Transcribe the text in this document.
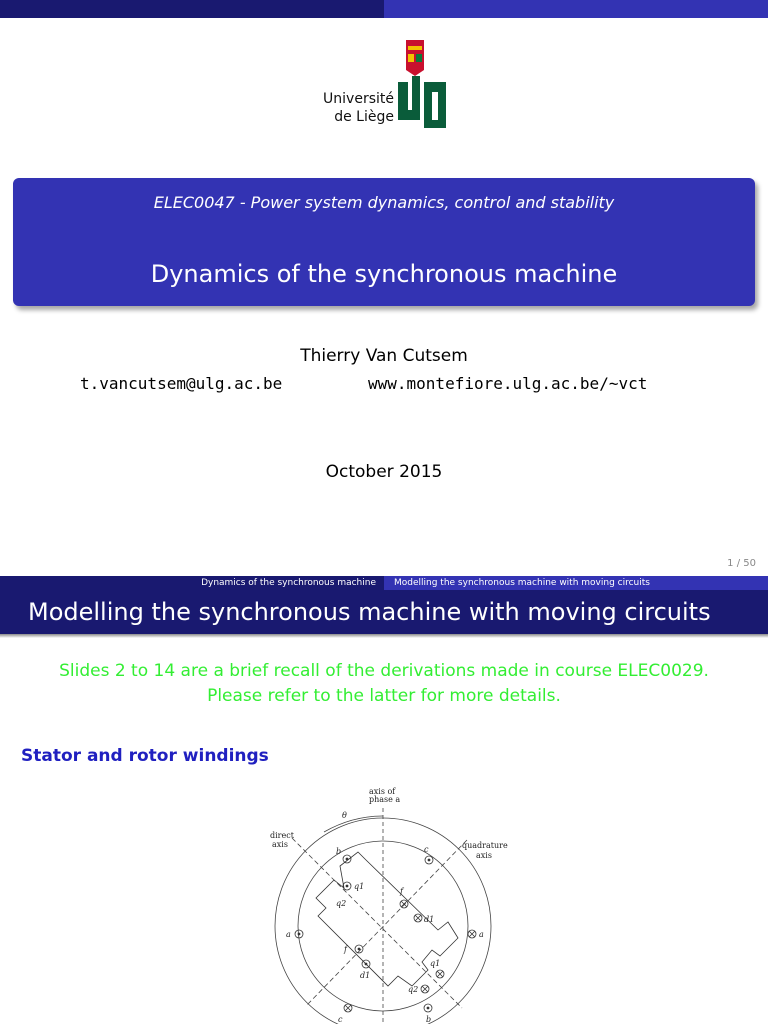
Université
de Liège
ELEC0047 - Power system dynamics, control and stability
Dynamics of the synchronous machine
Thierry Van Cutsem
t.vancutsem@ulg.ac.be	www.montefiore.ulg.ac.be/~vct
October 2015
1 / 50
Dynamics of the synchronous machine	Modelling the synchronous machine with moving circuits
Modelling the synchronous machine with moving circuits
Slides 2 to 14 are a brief recall of the derivations made in course ELEC0029.
Please refer to the latter for more details.
Stator and rotor windings
axis of
phase a
θ
direct
axis	quadrature
axis
b	c
a	a
c	b
q1
q2
f
d1
f
d1
q1
q2
